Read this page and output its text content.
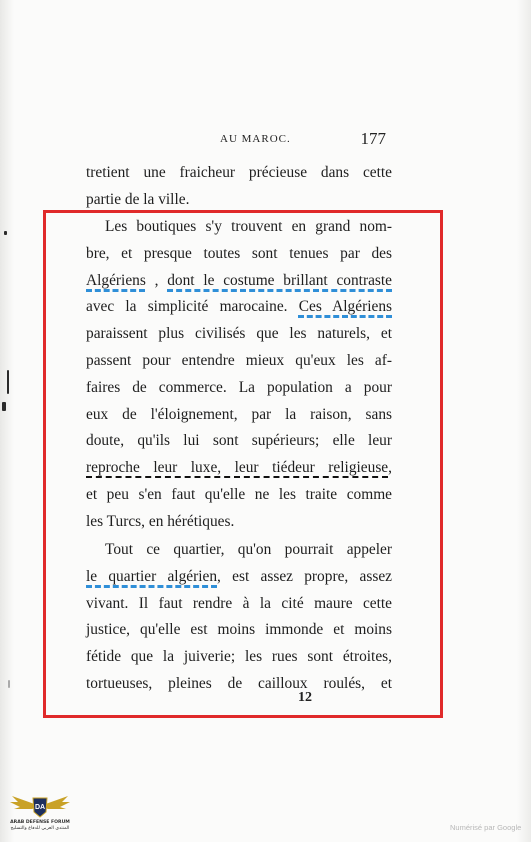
AU MAROC.	177
tretient une fraicheur précieuse dans cette
partie de la ville.
Les boutiques s'y trouvent en grand nom-
bre, et presque toutes sont tenues par des
Algériens , dont le costume brillant contraste
avec la simplicité marocaine. Ces Algériens
paraissent plus civilisés que les naturels, et
passent pour entendre mieux qu'eux les af-
faires de commerce. La population a pour
eux de l'éloignement, par la raison, sans
doute, qu'ils lui sont supérieurs; elle leur
reproche leur luxe, leur tiédeur religieuse,
et peu s'en faut qu'elle ne les traite comme
les Turcs, en hérétiques.
Tout ce quartier, qu'on pourrait appeler
le quartier algérien, est assez propre, assez
vivant. Il faut rendre à la cité maure cette
justice, qu'elle est moins immonde et moins
fétide que la juiverie; les rues sont étroites,
tortueuses, pleines de cailloux roulés, et
12
DA
ARAB DEFENSE FORUM
المنتدى العربي للدفاع والتسليح	Numérisé par Google
